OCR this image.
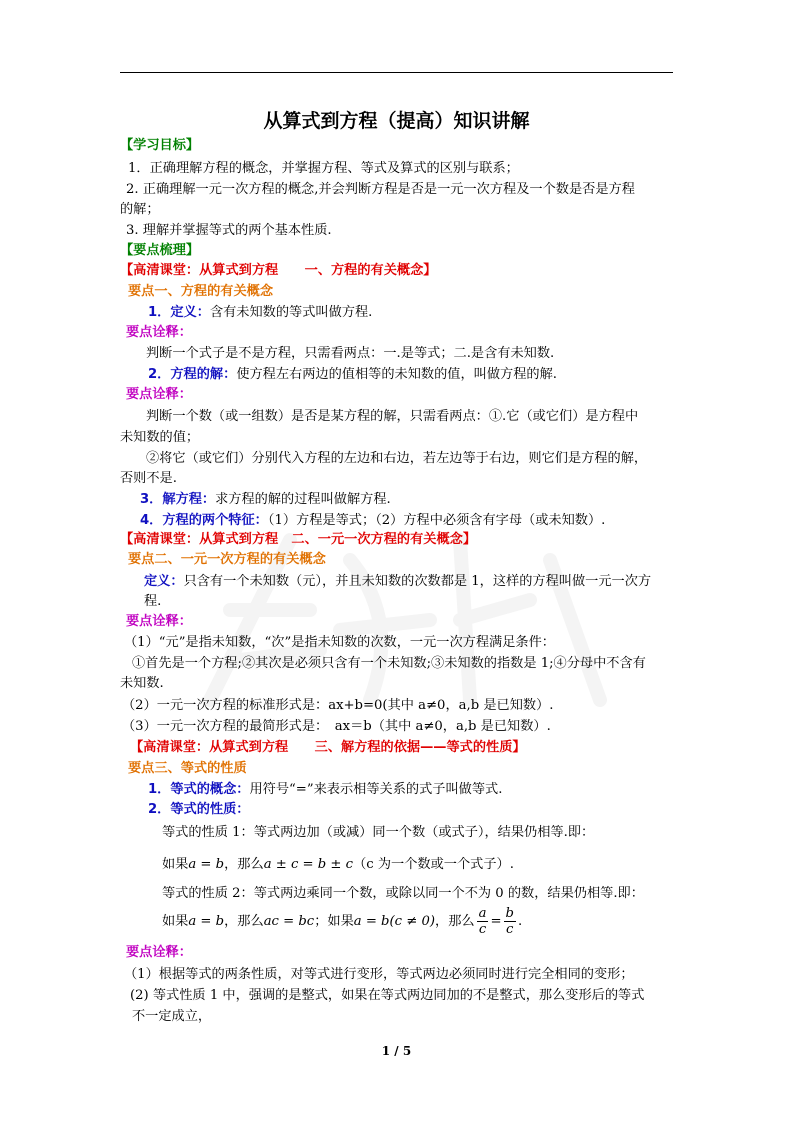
从算式到方程（提高）知识讲解
【学习目标】
1．正确理解方程的概念，并掌握方程、等式及算式的区别与联系；
2. 正确理解一元一次方程的概念,并会判断方程是否是一元一次方程及一个数是否是方程
的解；
3. 理解并掌握等式的两个基本性质.
【要点梳理】
【高清课堂：从算式到方程　　一、方程的有关概念】
要点一、方程的有关概念
1．定义：含有未知数的等式叫做方程.
要点诠释：
判断一个式子是不是方程，只需看两点：一.是等式；二.是含有未知数.
2．方程的解：使方程左右两边的值相等的未知数的值，叫做方程的解.
要点诠释：
判断一个数（或一组数）是否是某方程的解，只需看两点：①.它（或它们）是方程中
未知数的值；
②将它（或它们）分别代入方程的左边和右边，若左边等于右边，则它们是方程的解，
否则不是.
3．解方程：求方程的解的过程叫做解方程.
4．方程的两个特征：（1）方程是等式；（2）方程中必须含有字母（或未知数）.
【高清课堂：从算式到方程　二、一元一次方程的有关概念】
要点二、一元一次方程的有关概念
定义：只含有一个未知数（元），并且未知数的次数都是 1，这样的方程叫做一元一次方
程.
要点诠释：
（1）“元”是指未知数，“次”是指未知数的次数，一元一次方程满足条件：
①首先是一个方程;②其次是必须只含有一个未知数;③未知数的指数是 1;④分母中不含有
未知数.
（2）一元一次方程的标准形式是：ax+b=0(其中 a≠0，a,b 是已知数）.
（3）一元一次方程的最简形式是：　ax＝b（其中 a≠0，a,b 是已知数）.
【高清课堂：从算式到方程　　三、解方程的依据——等式的性质】
要点三、等式的性质
1．等式的概念：用符号“=”来表示相等关系的式子叫做等式.
2．等式的性质：
等式的性质 1：等式两边加（或减）同一个数（或式子），结果仍相等.即：
如果a = b，那么a ± c = b ± c（c 为一个数或一个式子）.
等式的性质 2：等式两边乘同一个数，或除以同一个不为 0 的数，结果仍相等.即：
如果a = b，那么ac = bc；如果a = b(c ≠ 0)，那么 $\frac{a}{c} = \frac{b}{c}$ .
要点诠释：
（1）根据等式的两条性质，对等式进行变形，等式两边必须同时进行完全相同的变形；
(2) 等式性质 1 中，强调的是整式，如果在等式两边同加的不是整式，那么变形后的等式
不一定成立，
1 / 5
